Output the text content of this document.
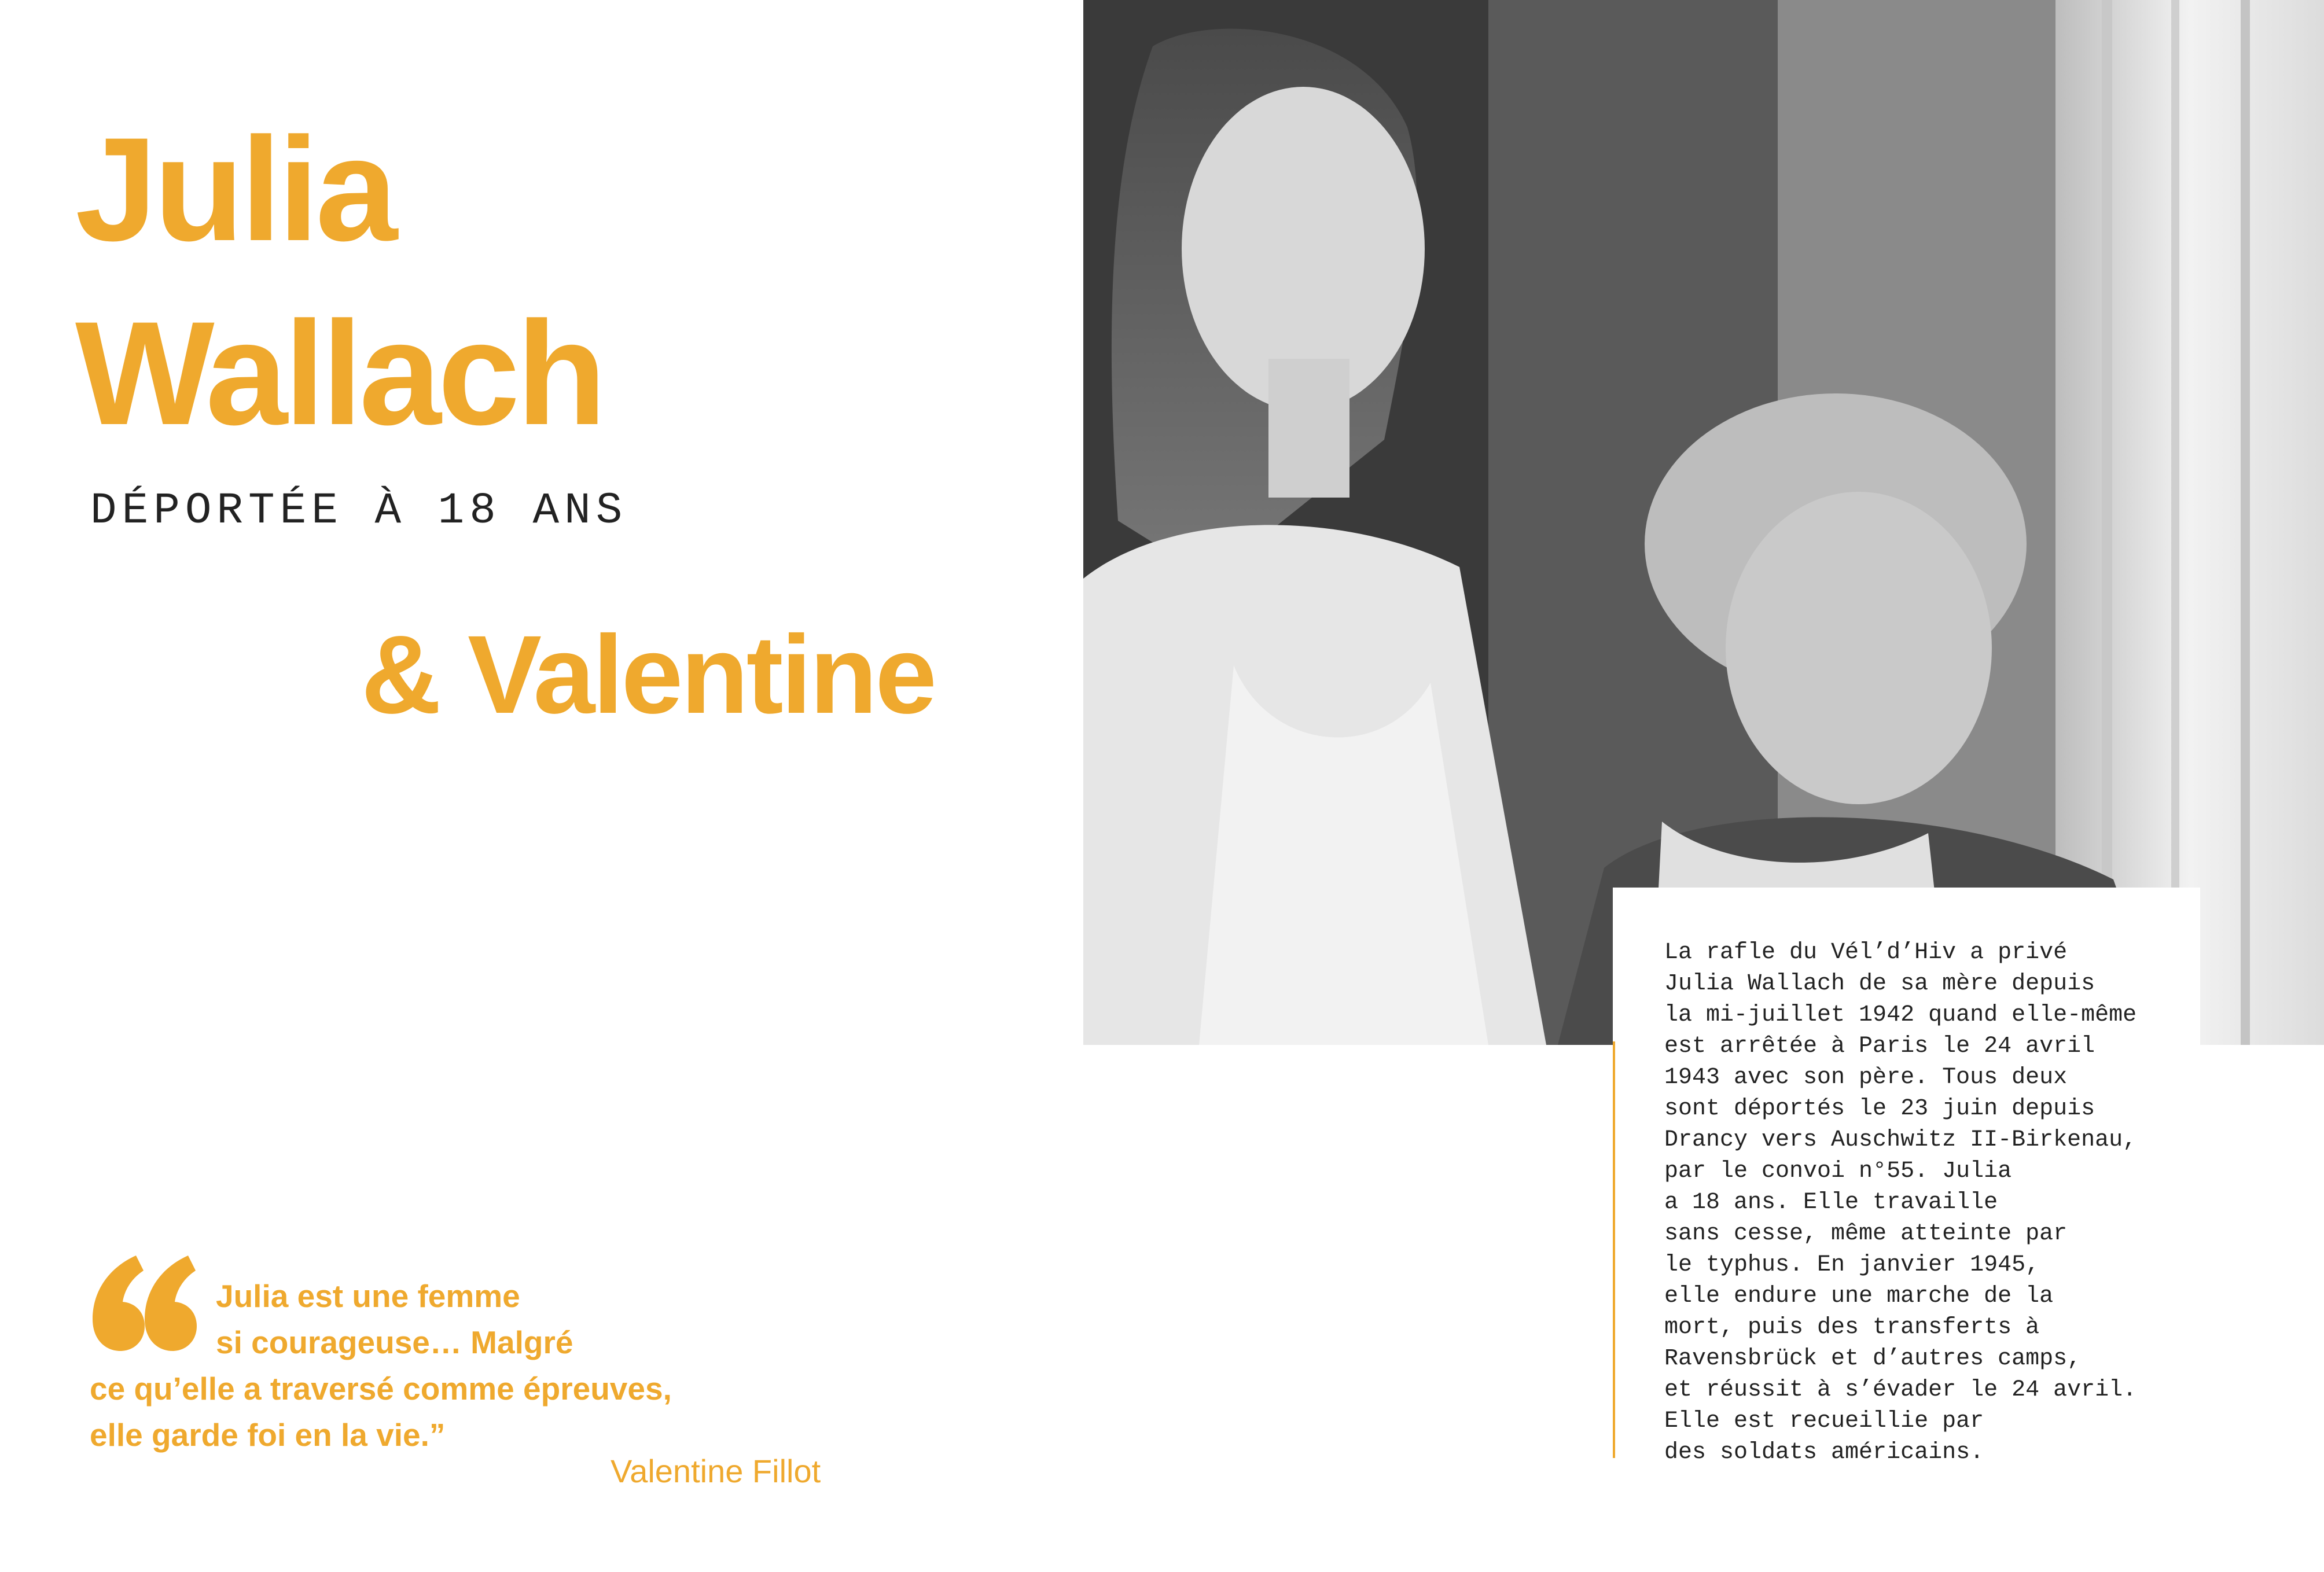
Julia
Wallach
DÉPORTÉE À 18 ANS
& Valentine

La rafle du Vél’d’Hiv a privé
Julia Wallach de sa mère depuis
la mi-juillet 1942 quand elle-même
est arrêtée à Paris le 24 avril
1943 avec son père. Tous deux
sont déportés le 23 juin depuis
Drancy vers Auschwitz II-Birkenau,
par le convoi n°55. Julia
a 18 ans. Elle travaille
sans cesse, même atteinte par
le typhus. En janvier 1945,
elle endure une marche de la
mort, puis des transferts à
Ravensbrück et d’autres camps,
et réussit à s’évader le 24 avril.
Elle est recueillie par
des soldats américains.

Julia est une femme
si courageuse… Malgré
ce qu’elle a traversé comme épreuves,
elle garde foi en la vie.”

Valentine Fillot
